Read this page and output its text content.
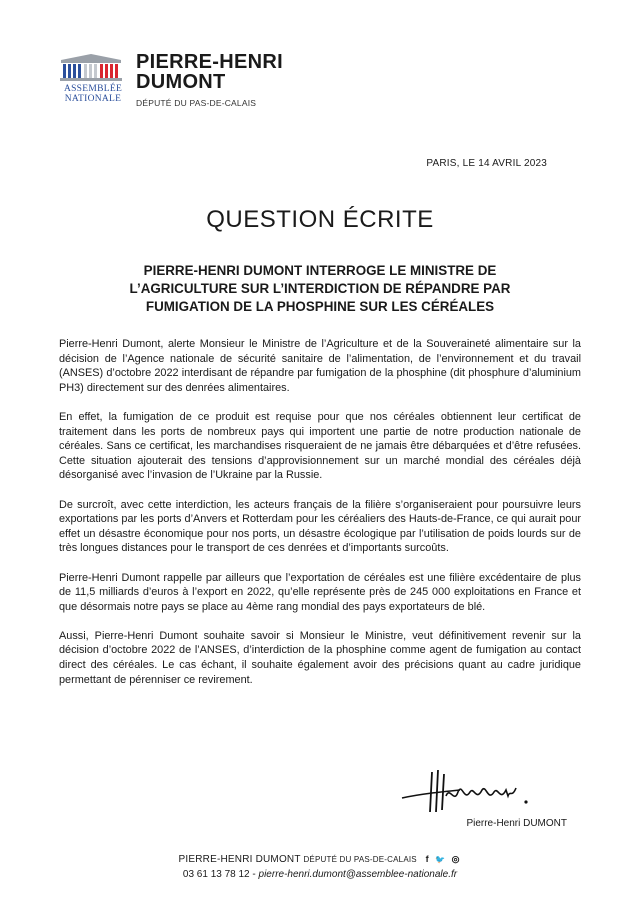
ASSEMBLÉE
NATIONALE
PIERRE-HENRI
DUMONT
DÉPUTÉ DU PAS-DE-CALAIS
PARIS, LE 14 AVRIL 2023
QUESTION ÉCRITE
PIERRE-HENRI DUMONT INTERROGE LE MINISTRE DE
L’AGRICULTURE SUR L’INTERDICTION DE RÉPANDRE PAR
FUMIGATION DE LA PHOSPHINE SUR LES CÉRÉALES

Pierre-Henri Dumont, alerte Monsieur le Ministre de l’Agriculture et de la Souveraineté alimentaire sur la décision de l’Agence nationale de sécurité sanitaire de l’alimentation, de l’environnement et du travail (ANSES) d’octobre 2022 interdisant de répandre par fumigation de la phosphine (dit phosphure d’aluminium PH3) directement sur des denrées alimentaires.

En effet, la fumigation de ce produit est requise pour que nos céréales obtiennent leur certificat de traitement dans les ports de nombreux pays qui importent une partie de notre production nationale de céréales. Sans ce certificat, les marchandises risqueraient de ne jamais être débarquées et d’être refusées. Cette situation ajouterait des tensions d’approvisionnement sur un marché mondial des céréales déjà désorganisé avec l’invasion de l’Ukraine par la Russie.

De surcroît, avec cette interdiction, les acteurs français de la filière s’organiseraient pour poursuivre leurs exportations par les ports d’Anvers et Rotterdam pour les céréaliers des Hauts-de-France, ce qui aurait pour effet un désastre économique pour nos ports, un désastre écologique par l’utilisation de poids lourds sur de très longues distances pour le transport de ces denrées et d’importants surcoûts.

Pierre-Henri Dumont rappelle par ailleurs que l’exportation de céréales est une filière excédentaire de plus de 11,5 milliards d’euros à l’export en 2022, qu’elle représente près de 245 000 exploitations en France et que désormais notre pays se place au 4ème rang mondial des pays exportateurs de blé.

Aussi, Pierre-Henri Dumont souhaite savoir si Monsieur le Ministre, veut définitivement revenir sur la décision d’octobre 2022 de l’ANSES, d’interdiction de la phosphine comme agent de fumigation au contact direct des céréales. Le cas échant, il souhaite également avoir des précisions quant au cadre juridique permettant de pérenniser ce revirement.

Pierre-Henri DUMONT
PIERRE-HENRI DUMONT DÉPUTÉ DU PAS-DE-CALAIS f 🐦 ◎
03 61 13 78 12 - pierre-henri.dumont@assemblee-nationale.fr
